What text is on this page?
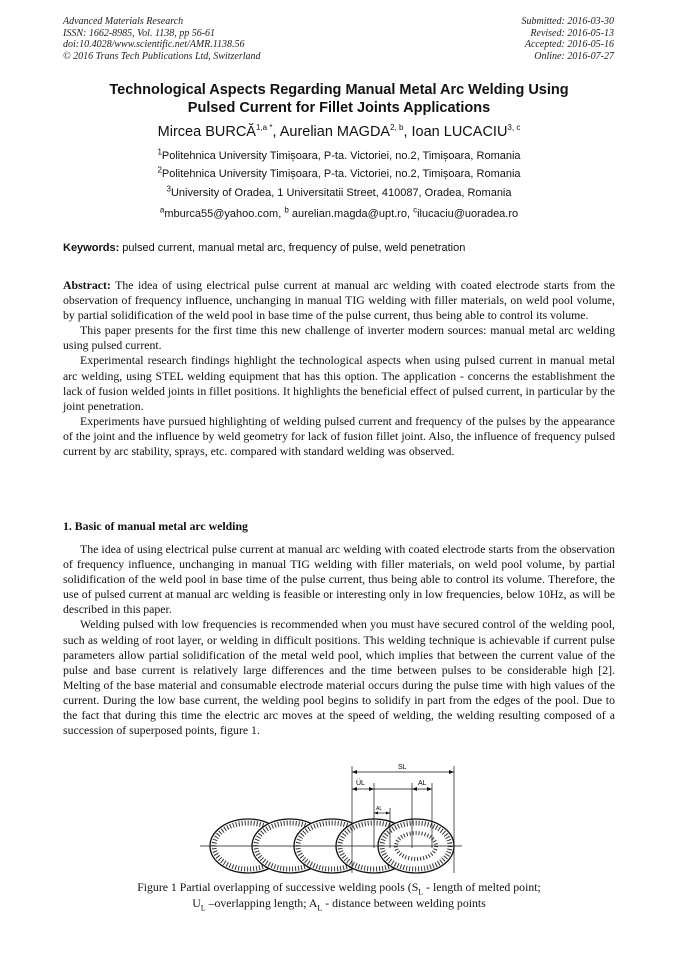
Advanced Materials Research
ISSN: 1662-8985, Vol. 1138, pp 56-61
doi:10.4028/www.scientific.net/AMR.1138.56
© 2016 Trans Tech Publications Ltd, Switzerland
Submitted: 2016-03-30
Revised: 2016-05-13
Accepted: 2016-05-16
Online: 2016-07-27
Technological Aspects Regarding Manual Metal Arc Welding Using
Pulsed Current for Fillet Joints Applications
Mircea $BURCĂ^{1,a *}$, Aurelian MAGDA$^{2, b}$, Ioan LUCACIU$^{3, c}$
$^1$Politehnica University Timișoara, P-ta. Victoriei, no.2, Timișoara, Romania
$^2$Politehnica University Timișoara, P-ta. Victoriei, no.2, Timișoara, Romania
$^3$University of Oradea, 1 Universitatii Street, 410087, Oradea, Romania
$^a$mburca55@yahoo.com, $^b$ aurelian.magda@upt.ro, $^c$ilucaciu@uoradea.ro
Keywords: pulsed current, manual metal arc, frequency of pulse, weld penetration

Abstract: The idea of using electrical pulse current at manual arc welding with coated electrode starts from the observation of frequency influence, unchanging in manual TIG welding with filler materials, on weld pool volume, by partial solidification of the weld pool in base time of the pulse current, thus being able to control its volume.

This paper presents for the first time this new challenge of inverter modern sources: manual metal arc welding using pulsed current.

Experimental research findings highlight the technological aspects when using pulsed current in manual metal arc welding, using STEL welding equipment that has this option. The application - concerns the establishment the lack of fusion welded joints in fillet positions. It highlights the beneficial effect of pulsed current, in particular by the joint penetration.

Experiments have pursued highlighting of welding pulsed current and frequency of the pulses by the appearance of the joint and the influence by weld geometry for lack of fusion fillet joint. Also, the influence of frequency pulsed current by arc stability, sprays, etc. compared with standard welding was observed.

1. Basic of manual metal arc welding

The idea of using electrical pulse current at manual arc welding with coated electrode starts from the observation of frequency influence, unchanging in manual TIG welding with filler materials, on weld pool volume, by partial solidification of the weld pool in base time of the pulse current, thus being able to control its volume. Therefore, the use of pulsed current at manual arc welding is feasible or interesting only in low frequencies, below 10Hz, as will be described in this paper.

Welding pulsed with low frequencies is recommended when you must have secured control of the welding pool, such as welding of root layer, or welding in difficult positions. This welding technique is achievable if current pulse parameters allow partial solidification of the metal weld pool, which implies that between the current value of the pulse and base current is relatively large differences and the time between pulses to be considerable high [2]. Melting of the base material and consumable electrode material occurs during the pulse time with high values of the current. During the low base current, the welding pool begins to solidify in part from the edges of the pool. Due to the fact that during this time the electric arc moves at the speed of welding, the welding resulting composed of a succession of superposed points, figure 1.

SL
ÜL	AL
AL
Figure 1 Partial overlapping of successive welding pools ($S_L$ - length of melted point;
$U_L$ –overlapping length; $A_L$ - distance between welding points
